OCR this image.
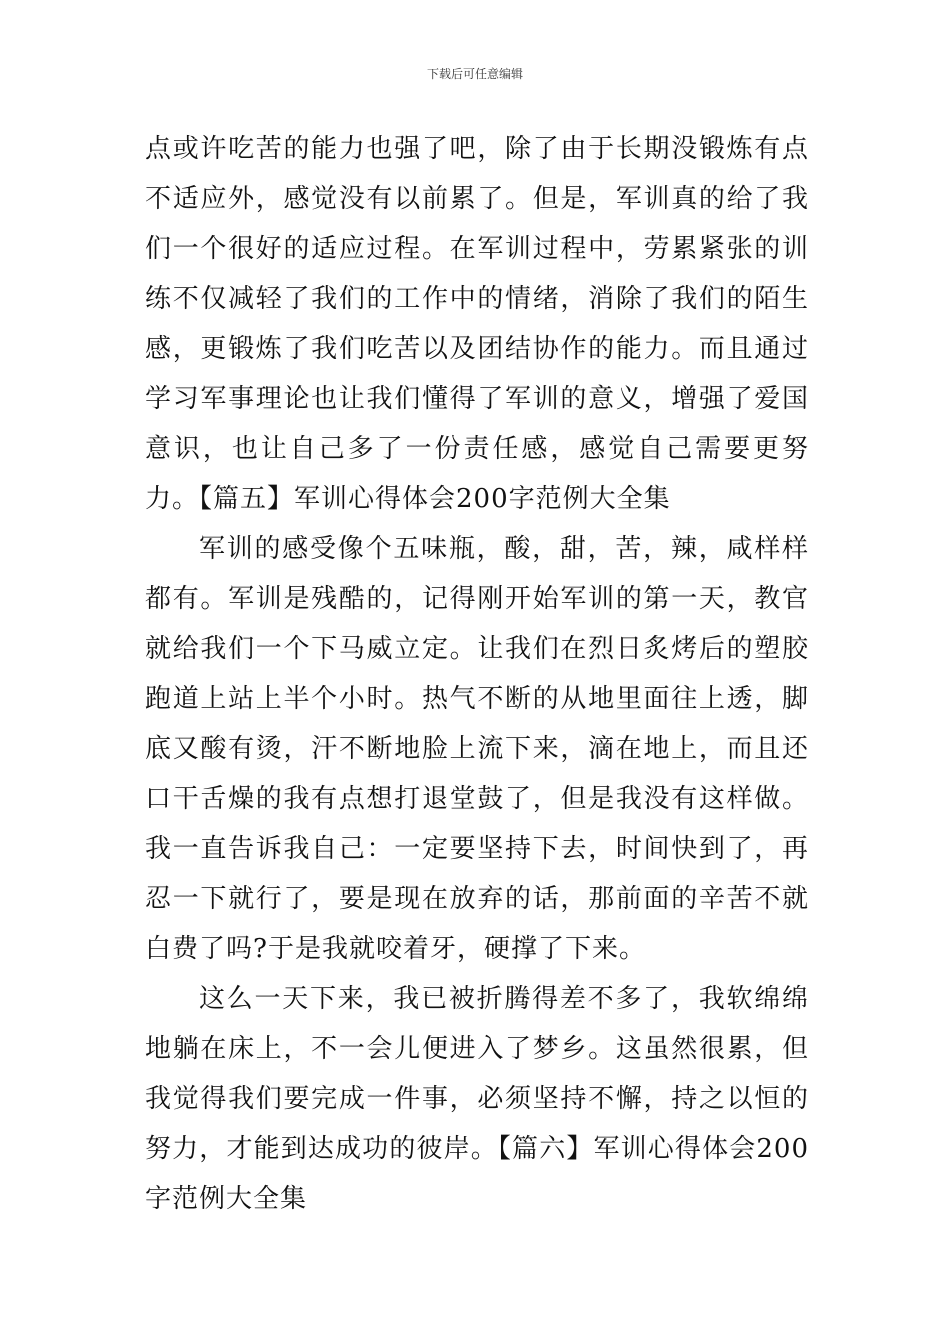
下载后可任意编辑

点或许吃苦的能力也强了吧，除了由于长期没锻炼有点不适应外，感觉没有以前累了。但是，军训真的给了我们一个很好的适应过程。在军训过程中，劳累紧张的训练不仅减轻了我们的工作中的情绪，消除了我们的陌生感，更锻炼了我们吃苦以及团结协作的能力。而且通过学习军事理论也让我们懂得了军训的意义，增强了爱国意识，也让自己多了一份责任感，感觉自己需要更努力。【篇五】军训心得体会200字范例大全集

军训的感受像个五味瓶，酸，甜，苦，辣，咸样样都有。军训是残酷的，记得刚开始军训的第一天，教官就给我们一个下马威立定。让我们在烈日炙烤后的塑胶跑道上站上半个小时。热气不断的从地里面往上透，脚底又酸有烫，汗不断地脸上流下来，滴在地上，而且还口干舌燥的我有点想打退堂鼓了，但是我没有这样做。我一直告诉我自己：一定要坚持下去，时间快到了，再忍一下就行了，要是现在放弃的话，那前面的辛苦不就白费了吗?于是我就咬着牙，硬撑了下来。

这么一天下来，我已被折腾得差不多了，我软绵绵地躺在床上，不一会儿便进入了梦乡。这虽然很累，但我觉得我们要完成一件事，必须坚持不懈，持之以恒的努力，才能到达成功的彼岸。【篇六】军训心得体会200字范例大全集
